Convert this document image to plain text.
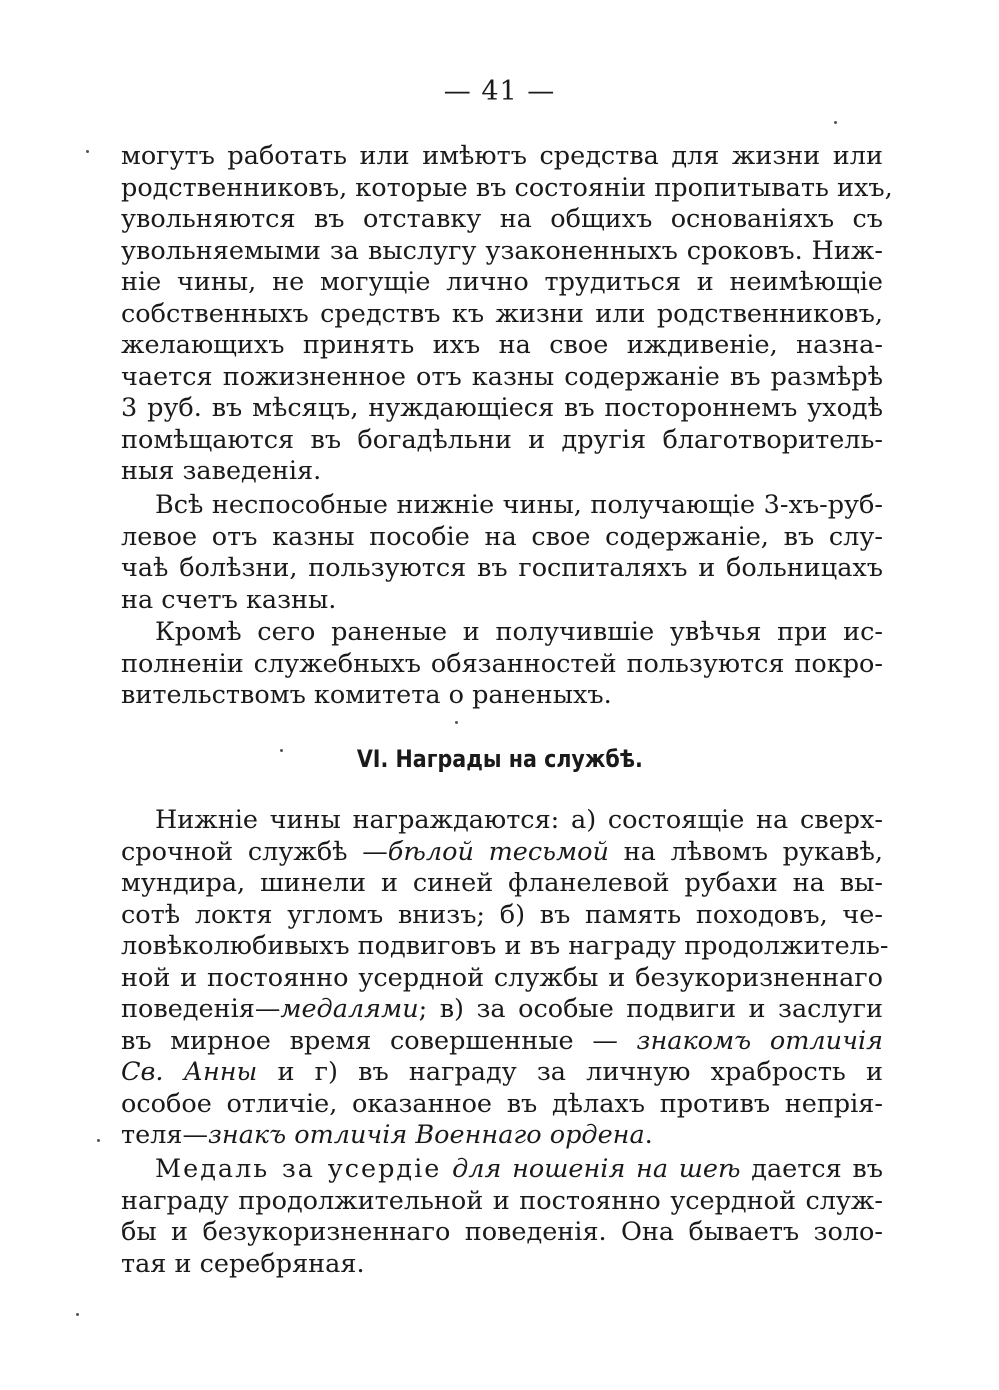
— 41 —
могутъ работать или имѣютъ средства для жизни или
родственниковъ, которые въ состояніи пропитывать ихъ,
увольняются въ отставку на общихъ основаніяхъ съ
увольняемыми за выслугу узаконенныхъ сроковъ. Ниж-
ніе чины, не могущіе лично трудиться и неимѣющіе
собственныхъ средствъ къ жизни или родственниковъ,
желающихъ принять ихъ на свое иждивеніе, назна-
чается пожизненное отъ казны содержаніе въ размѣрѣ
3 руб. въ мѣсяцъ, нуждающіеся въ постороннемъ уходѣ
помѣщаются въ богадѣльни и другія благотворитель-
ныя заведенія.
Всѣ неспособные нижніе чины, получающіе 3-хъ-руб-
левое отъ казны пособіе на свое содержаніе, въ слу-
чаѣ болѣзни, пользуются въ госпиталяхъ и больницахъ
на счетъ казны.
Кромѣ сего раненые и получившіе увѣчья при ис-
полненіи служебныхъ обязанностей пользуются покро-
вительствомъ комитета о раненыхъ.
VI. Награды на службѣ.
Нижніе чины награждаются: а) состоящіе на сверх-
срочной службѣ —бѣлой тесьмой на лѣвомъ рукавѣ,
мундира, шинели и синей фланелевой рубахи на вы-
сотѣ локтя угломъ внизъ; б) въ память походовъ, че-
ловѣколюбивыхъ подвиговъ и въ награду продолжитель-
ной и постоянно усердной службы и безукоризненнаго
поведенія—медалями; в) за особые подвиги и заслуги
въ мирное время совершенные — знакомъ отличія
Св. Анны и г) въ награду за личную храбрость и
особое отличіе, оказанное въ дѣлахъ противъ непрія-
теля—знакъ отличія Военнаго ордена.
Медаль за усердіе для ношенія на шеѣ дается въ
награду продолжительной и постоянно усердной служ-
бы и безукоризненнаго поведенія. Она бываетъ золо-
тая и серебряная.
